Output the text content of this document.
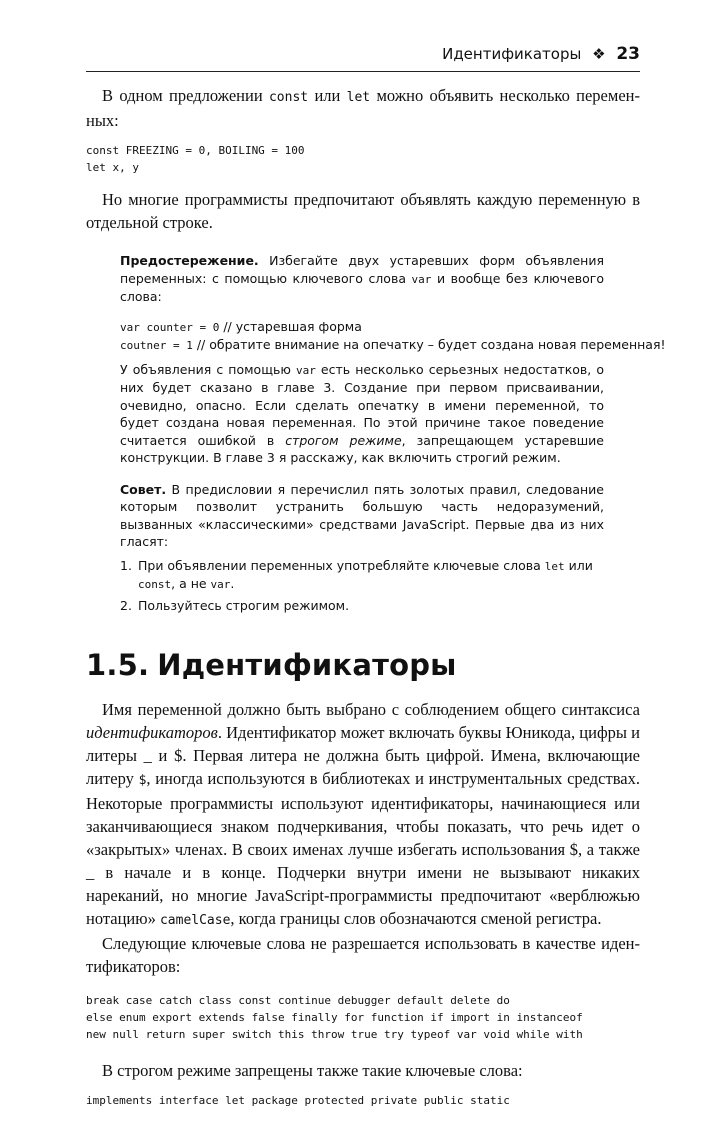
Идентификаторы ❖ 23

В одном предложении const или let можно объявить несколько переменных:

const FREEZING = 0, BOILING = 100
let x, y

Но многие программисты предпочитают объявлять каждую переменную в отдельной строке.

Предостережение. Избегайте двух устаревших форм объявления переменных: с помощью ключевого слова var и вообще без ключевого слова:

var counter = 0 // устаревшая форма
coutner = 1 // обратите внимание на опечатку – будет создана новая переменная!

У объявления с помощью var есть несколько серьезных недостатков, о них будет сказано в главе 3. Создание при первом присваивании, очевидно, опасно. Если сделать опечатку в имени переменной, то будет создана новая переменная. По этой причине такое поведение считается ошибкой в строгом режиме, запрещающем устаревшие конструкции. В главе 3 я расскажу, как включить строгий режим.

Совет. В предисловии я перечислил пять золотых правил, следование которым позволит устранить большую часть недоразумений, вызванных «классическими» средствами JavaScript. Первые два из них гласят:

1. При объявлении переменных употребляйте ключевые слова let или const, а не var.
2. Пользуйтесь строгим режимом.
1.5. Идентификаторы

Имя переменной должно быть выбрано с соблюдением общего синтаксиса идентификаторов. Идентификатор может включать буквы Юникода, цифры и литеры _ и $. Первая литера не должна быть цифрой. Имена, включающие литеру $, иногда используются в библиотеках и инструментальных средствах. Некоторые программисты используют идентификаторы, начинающиеся или заканчивающиеся знаком подчеркивания, чтобы показать, что речь идет о «закрытых» членах. В своих именах лучше избегать использования $, а также _ в начале и в конце. Подчерки внутри имени не вызывают никаких нареканий, но многие JavaScript-программисты предпочитают «верблюжью нотацию» camelCase, когда границы слов обозначаются сменой регистра.

Следующие ключевые слова не разрешается использовать в качестве идентификаторов:

break case catch class const continue debugger default delete do
else enum export extends false finally for function if import in instanceof
new null return super switch this throw true try typeof var void while with

В строгом режиме запрещены также такие ключевые слова:

implements interface let package protected private public static
